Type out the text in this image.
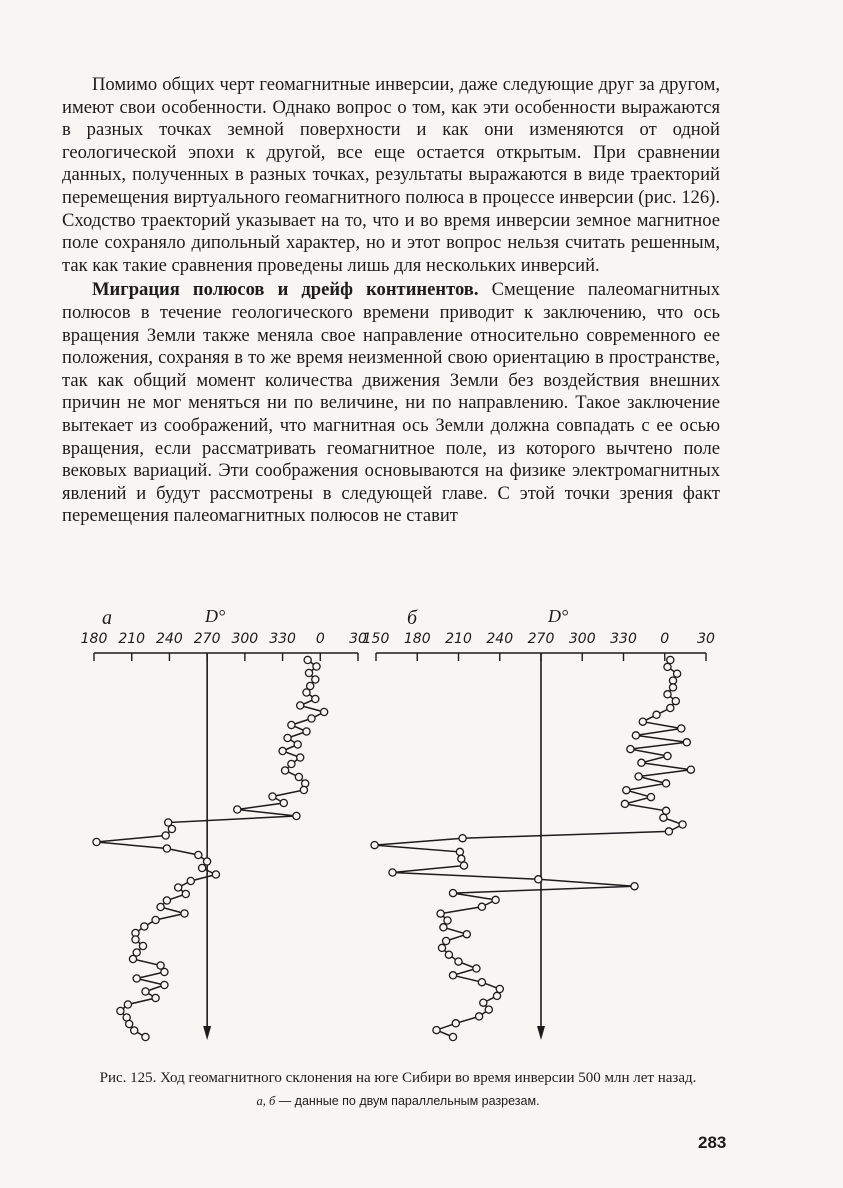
Помимо общих черт геомагнитные инверсии, даже следующие друг за другом, имеют свои особенности. Однако вопрос о том, как эти особенности выражаются в разных точках земной поверхности и как они изменяются от одной геологической эпохи к другой, все еще остается открытым. При сравнении данных, полученных в разных точках, результаты выражаются в виде траекторий перемещения виртуального геомагнитного полюса в процессе инверсии (рис. 126). Сходство траекторий указывает на то, что и во время инверсии земное магнитное поле сохраняло дипольный характер, но и этот вопрос нельзя считать решенным, так как такие сравнения проведены лишь для нескольких инверсий.

Миграция полюсов и дрейф континентов. Смещение палеомагнитных полюсов в течение геологического времени приводит к заключению, что ось вращения Земли также меняла свое направление относительно современного ее положения, сохраняя в то же время неизменной свою ориентацию в пространстве, так как общий момент количества движения Земли без воздействия внешних причин не мог меняться ни по величине, ни по направлению. Такое заключение вытекает из соображений, что магнитная ось Земли должна совпадать с ее осью вращения, если рассматривать геомагнитное поле, из которого вычтено поле вековых вариаций. Эти соображения основываются на физике электромагнитных явлений и будут рассмотрены в следующей главе. С этой точки зрения факт перемещения палеомагнитных полюсов не ставит

а	D°
180 210 240 270 300 330 0 30
б	D°
150 180 210 240 270 300 330 0 30
Рис. 125. Ход геомагнитного склонения на юге Сибири во время инверсии 500 млн лет назад.
а, б — данные по двум параллельным разрезам.
283
